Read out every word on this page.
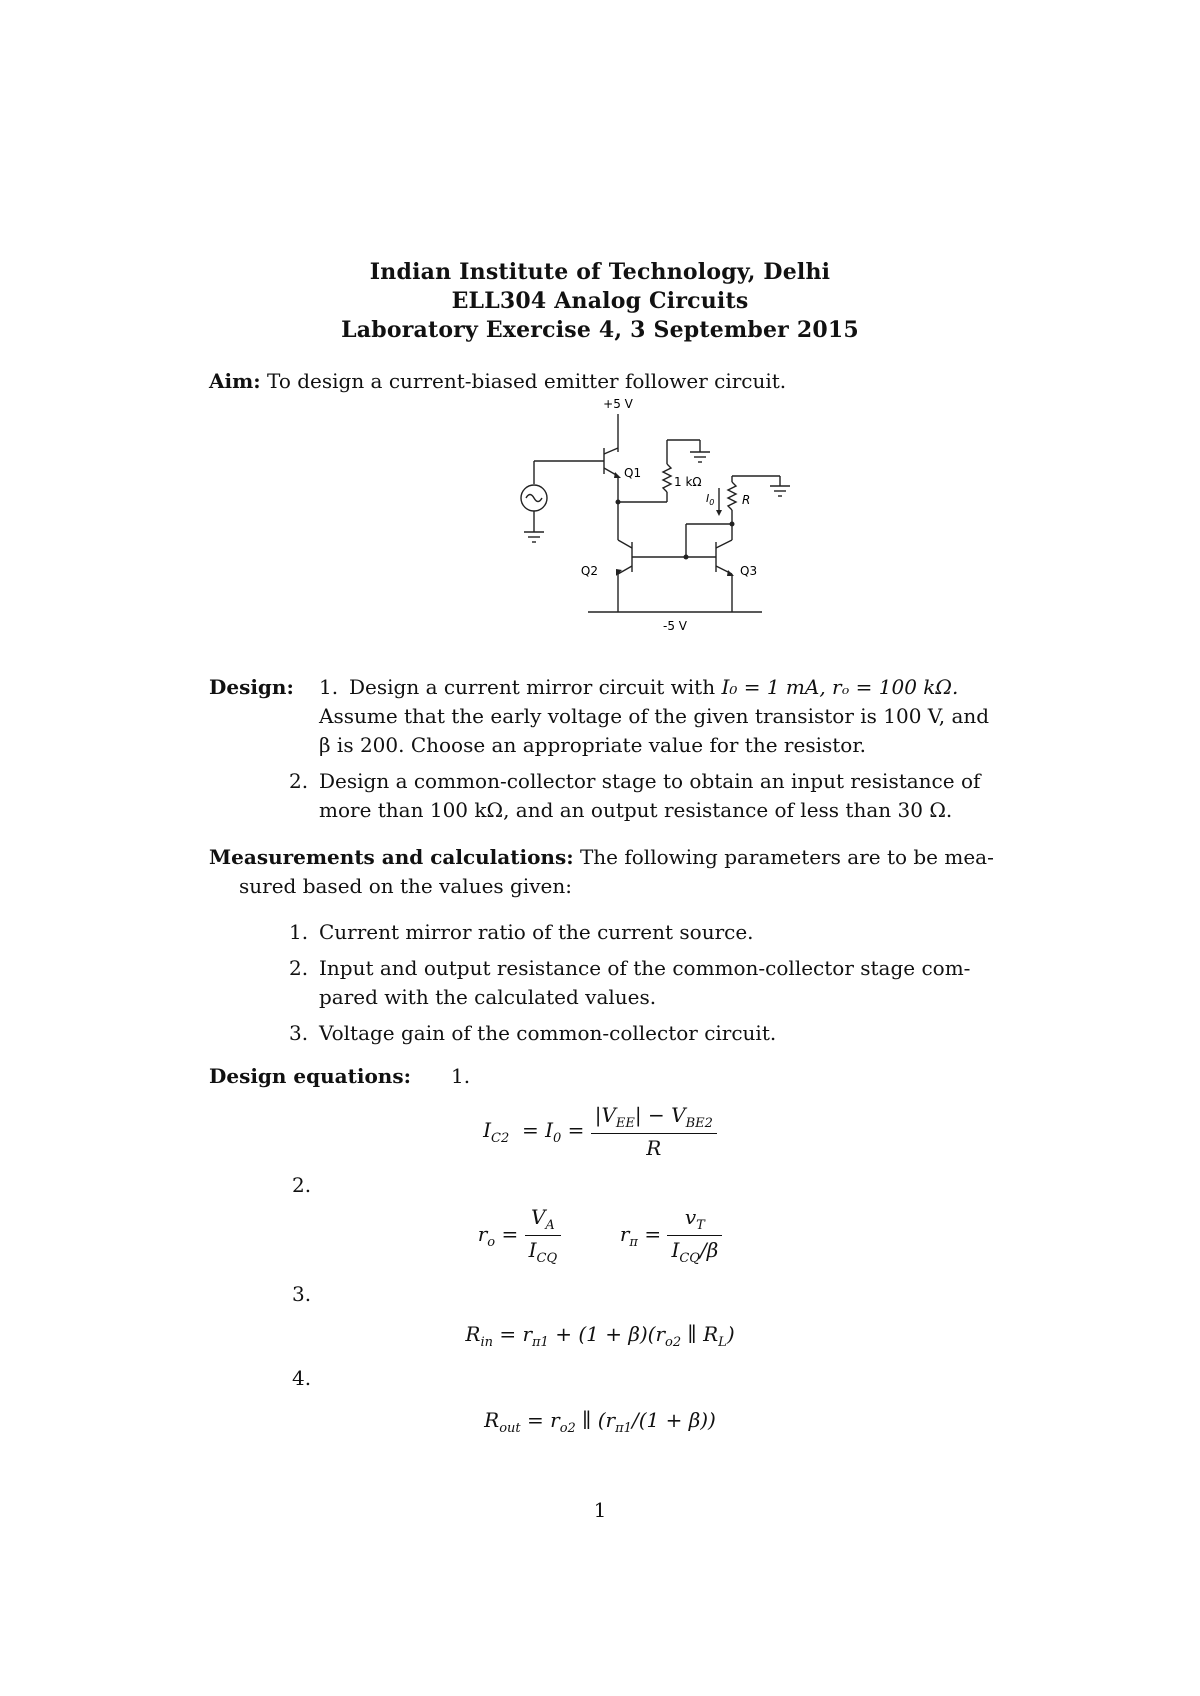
Indian Institute of Technology, Delhi
ELL304 Analog Circuits
Laboratory Exercise 4, 3 September 2015
Aim: To design a current-biased emitter follower circuit.
+5 V
-5 V
Q1
Q2	Q3
1 kΩ
$I_0$ R
Design: 1. Design a current mirror circuit with I₀ = 1 mA, rₒ = 100 kΩ.
Assume that the early voltage of the given transistor is 100 V, and
β is 200. Choose an appropriate value for the resistor.
2. Design a common-collector stage to obtain an input resistance of
more than 100 kΩ, and an output resistance of less than 30 Ω.
Measurements and calculations: The following parameters are to be mea-
sured based on the values given:
1. Current mirror ratio of the current source.
2. Input and output resistance of the common-collector stage com-
pared with the calculated values.
3. Voltage gain of the common-collector circuit.
Design equations: 1.
$I_{C2} = I_0 = \frac{|V_{EE}| - V_{BE2}}{R}$
2.
$r_o = \frac{V_A}{I_{CQ}}$	$r_\pi = \frac{v_T}{I_{CQ}/\beta}$
3.
$R_{in} = r_{\pi 1} + (1 + \beta)(r_{o2}$ ∥ $R_L$)
4.
$R_{out} = r_{o2}$ ∥ $(r_{\pi 1}/(1 + \beta))$
1
